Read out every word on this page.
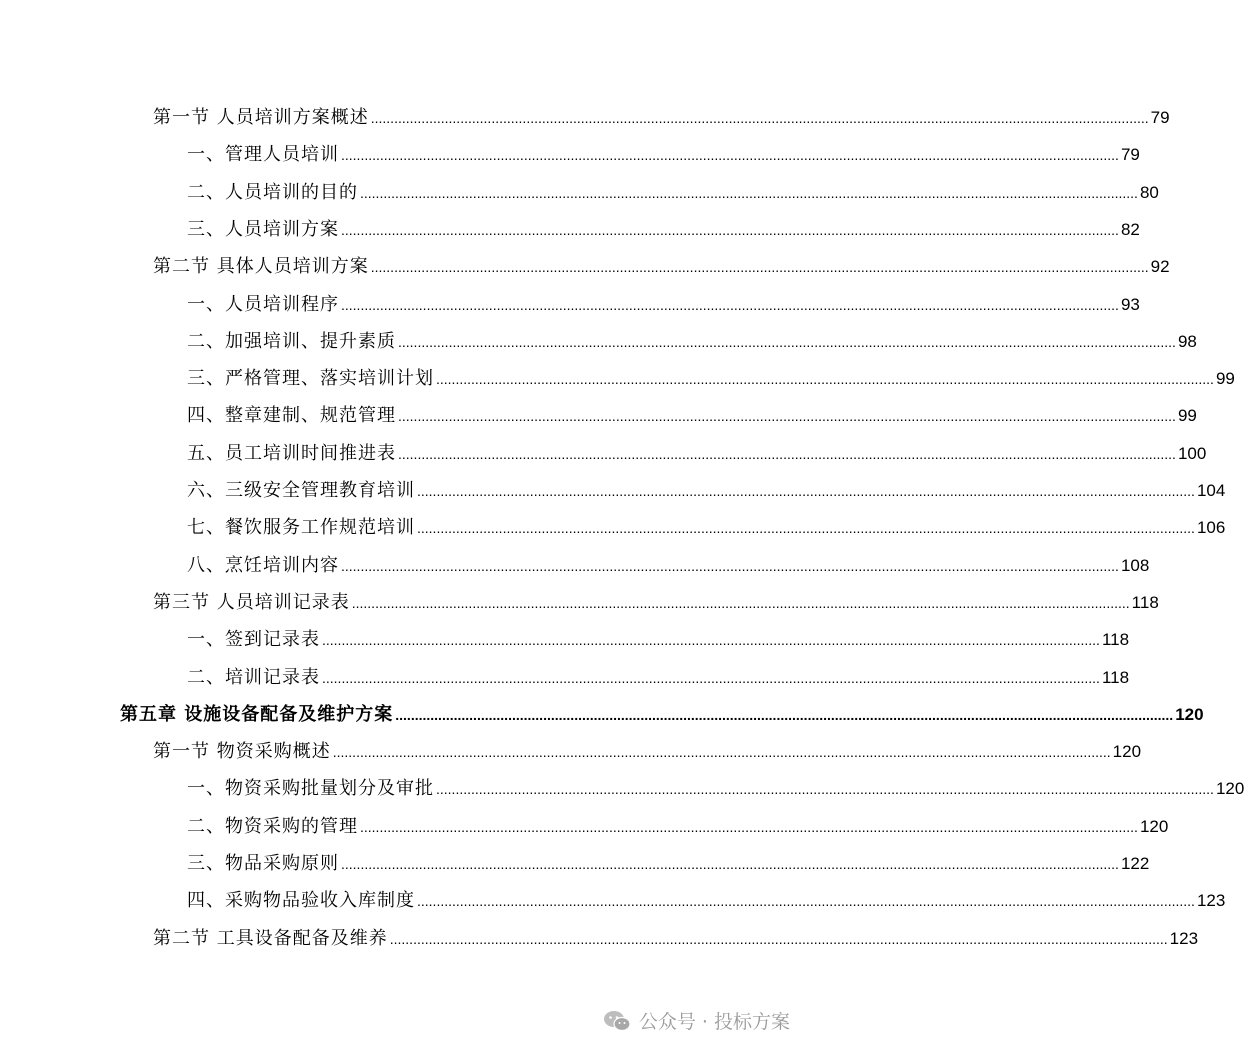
第一节 人员培训方案概述 ........................................................................................................................................................................................................ 79
一、管理人员培训 ........................................................................................................................................................................................................ 79
二、人员培训的目的 ........................................................................................................................................................................................................ 80
三、人员培训方案 ........................................................................................................................................................................................................ 82
第二节 具体人员培训方案 ........................................................................................................................................................................................................ 92
一、人员培训程序 ........................................................................................................................................................................................................ 93
二、加强培训、提升素质 ........................................................................................................................................................................................................ 98
三、严格管理、落实培训计划 ........................................................................................................................................................................................................ 99
四、整章建制、规范管理 ........................................................................................................................................................................................................ 99
五、员工培训时间推进表 ........................................................................................................................................................................................................ 100
六、三级安全管理教育培训 ........................................................................................................................................................................................................ 104
七、餐饮服务工作规范培训 ........................................................................................................................................................................................................ 106
八、烹饪培训内容 ........................................................................................................................................................................................................ 108
第三节 人员培训记录表 ........................................................................................................................................................................................................ 118
一、签到记录表 ........................................................................................................................................................................................................ 118
二、培训记录表 ........................................................................................................................................................................................................ 118
第五章 设施设备配备及维护方案 ........................................................................................................................................................................................................ 120
第一节 物资采购概述 ........................................................................................................................................................................................................ 120
一、物资采购批量划分及审批 ........................................................................................................................................................................................................ 120
二、物资采购的管理 ........................................................................................................................................................................................................ 120
三、物品采购原则 ........................................................................................................................................................................................................ 122
四、采购物品验收入库制度 ........................................................................................................................................................................................................ 123
第二节 工具设备配备及维养 ........................................................................................................................................................................................................ 123
公众号 · 投标方案
